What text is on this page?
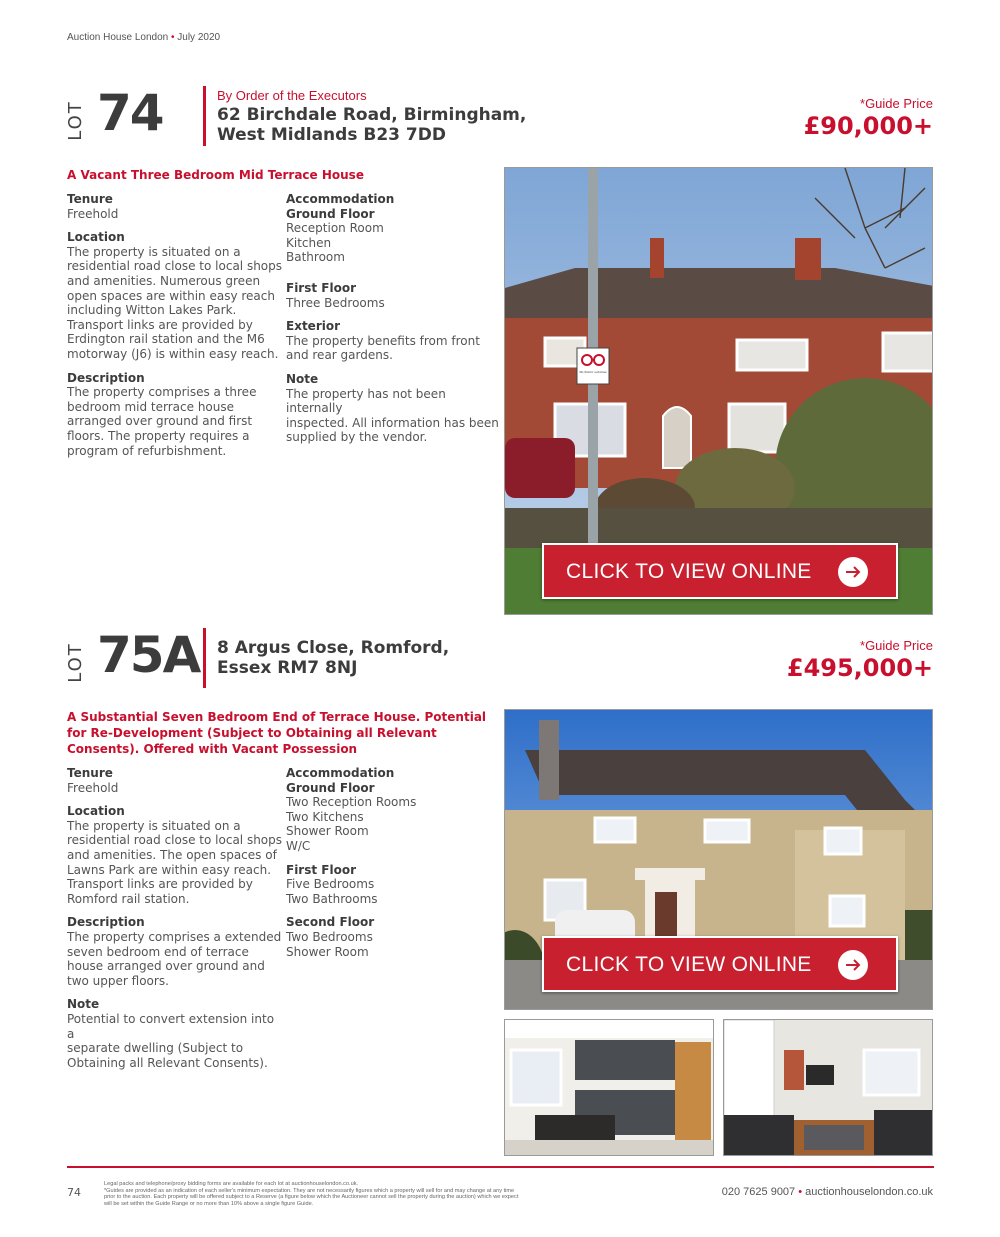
Auction House London • July 2020
LOT 74	By Order of the Executors
62 Birchdale Road, Birmingham,
West Midlands B23 7DD
*Guide Price
£90,000+
A Vacant Three Bedroom Mid Terrace House
Tenure
Freehold
Location
The property is situated on a
residential road close to local shops
and amenities. Numerous green
open spaces are within easy reach
including Witton Lakes Park.
Transport links are provided by
Erdington rail station and the M6
motorway (J6) is within easy reach.
Description
The property comprises a three
bedroom mid terrace house
arranged over ground and first
floors. The property requires a
program of refurbishment.
Accommodation
Ground Floor
Reception Room
Kitchen
Bathroom
First Floor
Three Bedrooms
Exterior
The property benefits from front
and rear gardens.
Note
The property has not been internally
inspected. All information has been
supplied by the vendor.
No Public vehicles
CLICK TO VIEW ONLINE
LOT 75A 8 Argus Close, Romford,
Essex RM7 8NJ
*Guide Price
£495,000+
A Substantial Seven Bedroom End of Terrace House. Potential
for Re-Development (Subject to Obtaining all Relevant
Consents). Offered with Vacant Possession
Tenure
Freehold
Location
The property is situated on a
residential road close to local shops
and amenities. The open spaces of
Lawns Park are within easy reach.
Transport links are provided by
Romford rail station.
Description
The property comprises a extended
seven bedroom end of terrace
house arranged over ground and
two upper floors.
Note
Potential to convert extension into a
separate dwelling (Subject to
Obtaining all Relevant Consents).
Accommodation
Ground Floor
Two Reception Rooms
Two Kitchens
Shower Room
W/C
First Floor
Five Bedrooms
Two Bathrooms
Second Floor
Two Bedrooms
Shower Room
CLICK TO VIEW ONLINE
74
Legal packs and telephone/proxy bidding forms are available for each lot at auctionhouselondon.co.uk.
*Guides are provided as an indication of each seller's minimum expectation. They are not necessarily figures which a property will sell for and may change at any time
prior to the auction. Each property will be offered subject to a Reserve (a figure below which the Auctioneer cannot sell the property during the auction) which we expect
will be set within the Guide Range or no more than 10% above a single figure Guide.
020 7625 9007 • auctionhouselondon.co.uk
